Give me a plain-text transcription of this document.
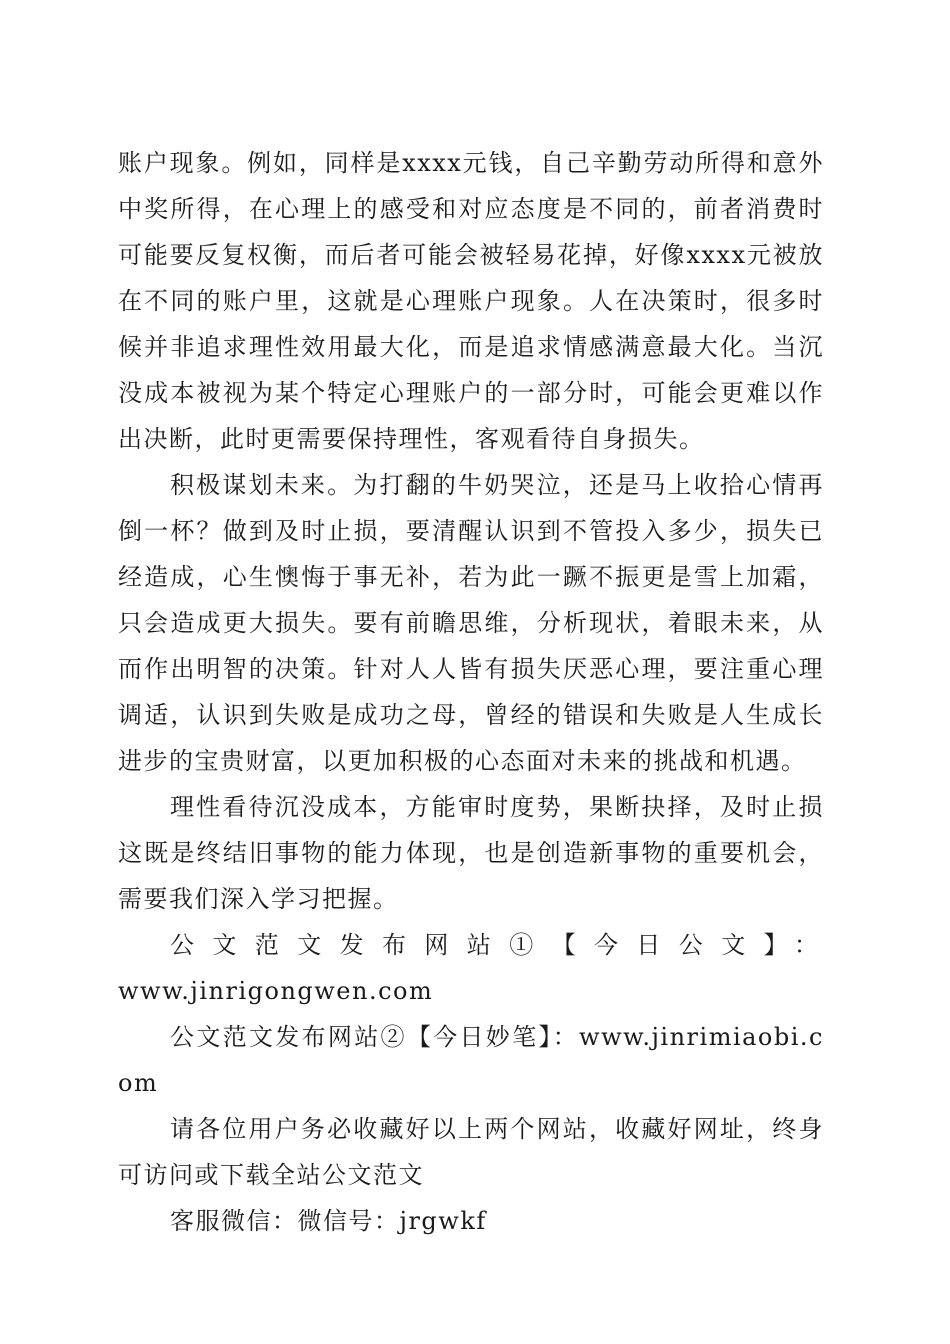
账户现象。例如，同样是xxxx元钱，自己辛勤劳动所得和意外中奖所得，在心理上的感受和对应态度是不同的，前者消费时可能要反复权衡，而后者可能会被轻易花掉，好像xxxx元被放在不同的账户里，这就是心理账户现象。人在决策时，很多时候并非追求理性效用最大化，而是追求情感满意最大化。当沉没成本被视为某个特定心理账户的一部分时，可能会更难以作出决断，此时更需要保持理性，客观看待自身损失。

积极谋划未来。为打翻的牛奶哭泣，还是马上收拾心情再倒一杯？做到及时止损，要清醒认识到不管投入多少，损失已经造成，心生懊悔于事无补，若为此一蹶不振更是雪上加霜，只会造成更大损失。要有前瞻思维，分析现状，着眼未来，从而作出明智的决策。针对人人皆有损失厌恶心理，要注重心理调适，认识到失败是成功之母，曾经的错误和失败是人生成长进步的宝贵财富，以更加积极的心态面对未来的挑战和机遇。

理性看待沉没成本，方能审时度势，果断抉择，及时止损这既是终结旧事物的能力体现，也是创造新事物的重要机会，需要我们深入学习把握。

公文范文发布网站①【今日公文】：

www.jinrigongwen.com

公文范文发布网站②【今日妙笔】：www.jinrimiaobi.com

请各位用户务必收藏好以上两个网站，收藏好网址，终身可访问或下载全站公文范文

客服微信：微信号：jrgwkf
